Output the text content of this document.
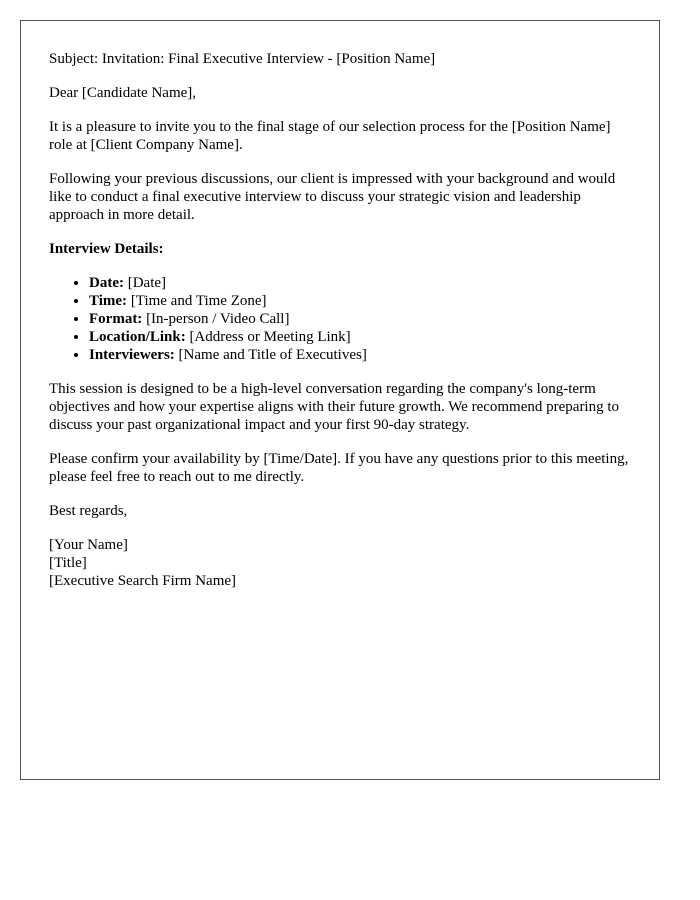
Subject: Invitation: Final Executive Interview - [Position Name]

Dear [Candidate Name],

It is a pleasure to invite you to the final stage of our selection process for the [Position Name] role at [Client Company Name].

Following your previous discussions, our client is impressed with your background and would like to conduct a final executive interview to discuss your strategic vision and leadership approach in more detail.

Interview Details:

• Date: [Date]
• Time: [Time and Time Zone]
• Format: [In-person / Video Call]
• Location/Link: [Address or Meeting Link]
• Interviewers: [Name and Title of Executives]

This session is designed to be a high-level conversation regarding the company's long-term objectives and how your expertise aligns with their future growth. We recommend preparing to discuss your past organizational impact and your first 90-day strategy.

Please confirm your availability by [Time/Date]. If you have any questions prior to this meeting, please feel free to reach out to me directly.

Best regards,

[Your Name]
[Title]
[Executive Search Firm Name]
